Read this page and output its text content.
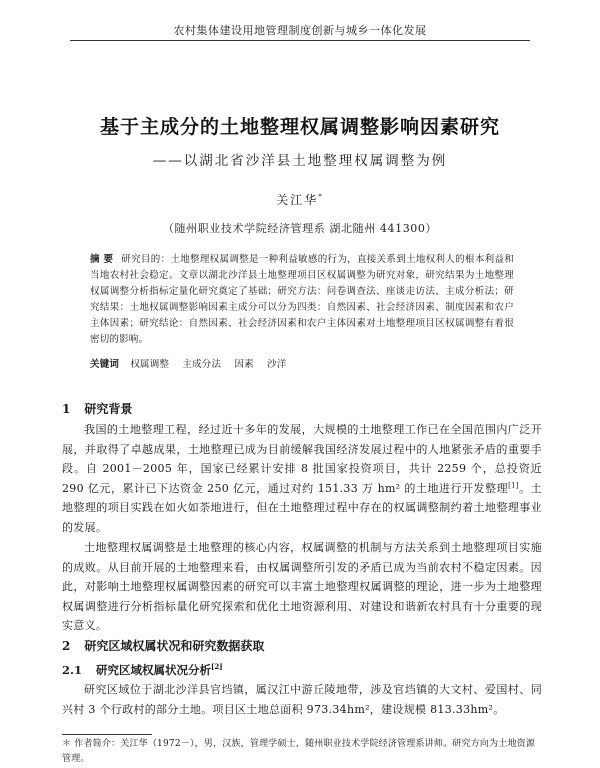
农村集体建设用地管理制度创新与城乡一体化发展
基于主成分的土地整理权属调整影响因素研究
——以湖北省沙洋县土地整理权属调整为例
关江华*
（随州职业技术学院经济管理系 湖北随州 441300）
摘 要 研究目的：土地整理权属调整是一种利益敏感的行为，直接关系到土地权利人的根本利益和当地农村社会稳定。文章以湖北沙洋县土地整理项目区权属调整为研究对象，研究结果为土地整理权属调整分析指标定量化研究奠定了基础；研究方法：问卷调查法、座谈走访法、主成分析法；研究结果：土地权属调整影响因素主成分可以分为四类：自然因素、社会经济因素、制度因素和农户主体因素；研究结论：自然因素、社会经济因素和农户主体因素对土地整理项目区权属调整有着很密切的影响。
关键词 权属调整 主成分法 因素 沙洋
1 研究背景
我国的土地整理工程，经过近十多年的发展，大规模的土地整理工作已在全国范围内广泛开展，并取得了卓越成果，土地整理已成为目前缓解我国经济发展过程中的人地紧张矛盾的重要手段。自 2001－2005 年，国家已经累计安排 8 批国家投资项目，共计 2259 个，总投资近 290 亿元，累计已下达资金 250 亿元，通过对约 151.33 万 hm² 的土地进行开发整理[1]。土地整理的项目实践在如火如荼地进行，但在土地整理过程中存在的权属调整制约着土地整理事业的发展。
土地整理权属调整是土地整理的核心内容，权属调整的机制与方法关系到土地整理项目实施的成败。从目前开展的土地整理来看，由权属调整所引发的矛盾已成为当前农村不稳定因素。因此，对影响土地整理权属调整因素的研究可以丰富土地整理权属调整的理论，进一步为土地整理权属调整进行分析指标量化研究探索和优化土地资源利用、对建设和谐新农村具有十分重要的现实意义。
2 研究区域权属状况和研究数据获取
2.1 研究区域权属状况分析[2]
研究区域位于湖北沙洋县官垱镇，属汉江中游丘陵地带，涉及官垱镇的大文村、爱国村、同兴村 3 个行政村的部分土地。项目区土地总面积 973.34hm²，建设规模 813.33hm²。
＊ 作者简介：关江华（1972－），男，汉族，管理学硕士，随州职业技术学院经济管理系讲师。研究方向为土地资源管理。
